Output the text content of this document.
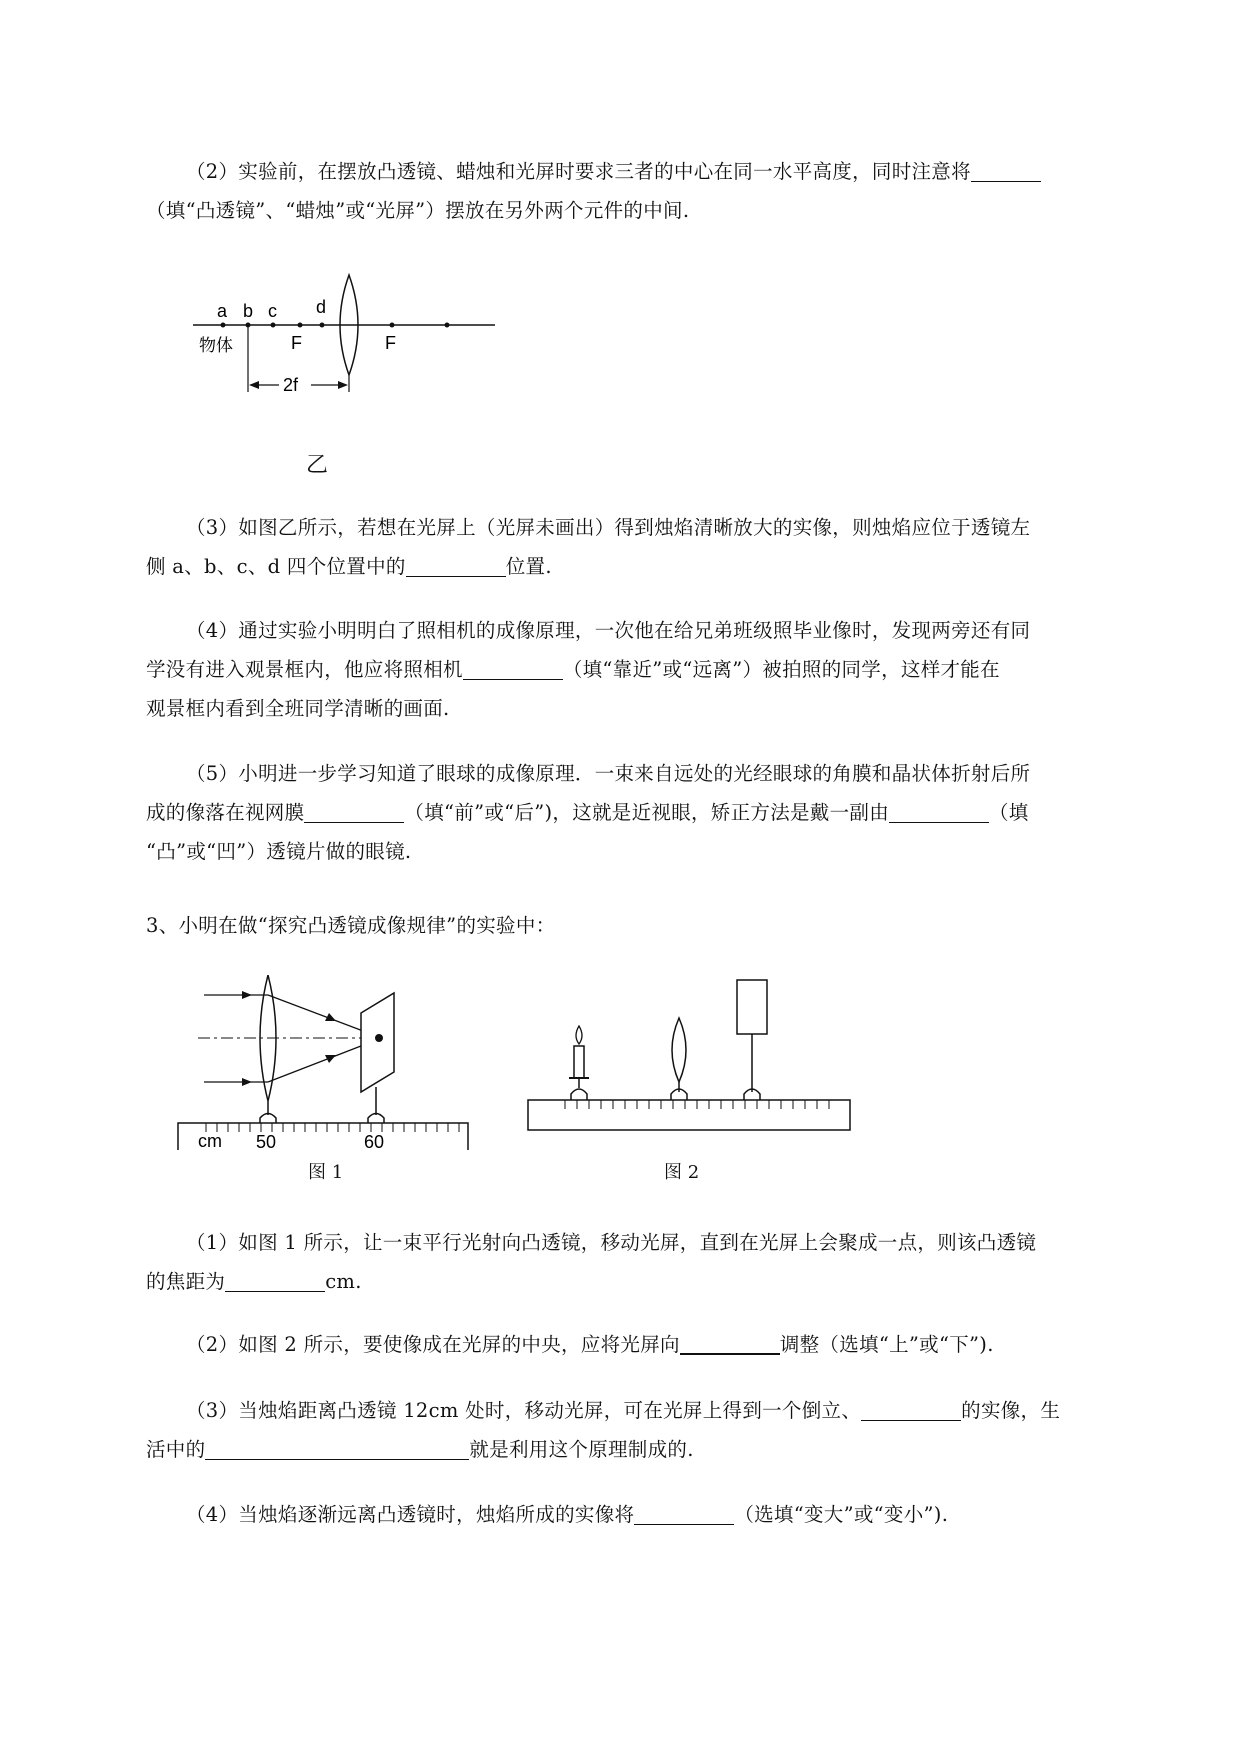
（2）实验前，在摆放凸透镜、蜡烛和光屏时要求三者的中心在同一水平高度，同时注意将
（填“凸透镜”、“蜡烛”或“光屏”）摆放在另外两个元件的中间.
a b c d
物体	F	F
2f
乙
（3）如图乙所示，若想在光屏上（光屏未画出）得到烛焰清晰放大的实像，则烛焰应位于透镜左
侧 a、b、c、d 四个位置中的	位置.
（4）通过实验小明明白了照相机的成像原理，一次他在给兄弟班级照毕业像时，发现两旁还有同
学没有进入观景框内，他应将照相机	（填“靠近”或“远离”）被拍照的同学，这样才能在
观景框内看到全班同学清晰的画面.
（5）小明进一步学习知道了眼球的成像原理．一束来自远处的光经眼球的角膜和晶状体折射后所
成的像落在视网膜	（填“前”或“后”)，这就是近视眼，矫正方法是戴一副由	（填
“凸”或“凹”）透镜片做的眼镜.
3、小明在做“探究凸透镜成像规律”的实验中：
cm 50	60
图 1	图 2
（1）如图 1 所示，让一束平行光射向凸透镜，移动光屏，直到在光屏上会聚成一点，则该凸透镜
的焦距为	cm.
（2）如图 2 所示，要使像成在光屏的中央，应将光屏向	调整（选填“上”或“下”).
（3）当烛焰距离凸透镜 12cm 处时，移动光屏，可在光屏上得到一个倒立、	的实像，生
活中的	就是利用这个原理制成的.
（4）当烛焰逐渐远离凸透镜时，烛焰所成的实像将	（选填“变大”或“变小”).
